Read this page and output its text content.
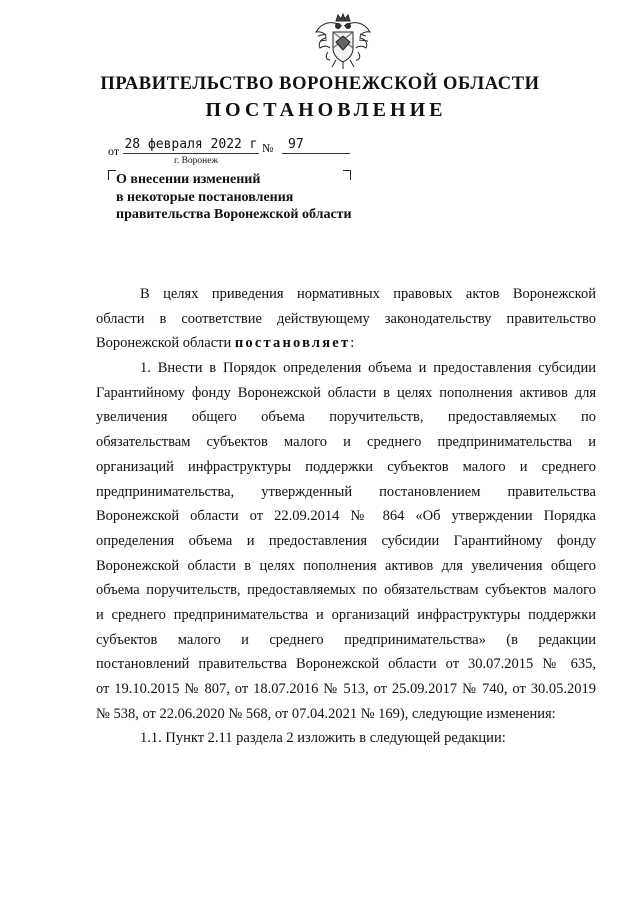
ПРАВИТЕЛЬСТВО ВОРОНЕЖСКОЙ ОБЛАСТИ
ПОСТАНОВЛЕНИЕ
от 28 февраля 2022 г №	97
г. Воронеж
О внесении изменений
в некоторые постановления
правительства Воронежской области
В целях приведения нормативных правовых актов Воронежской
области в соответствие действующему законодательству правительство
Воронежской области постановляет:
1. Внести в Порядок определения объема и предоставления субсидии
Гарантийному фонду Воронежской области в целях пополнения активов для
увеличения общего объема поручительств, предоставляемых по
обязательствам субъектов малого и среднего предпринимательства и
организаций инфраструктуры поддержки субъектов малого и среднего
предпринимательства, утвержденный постановлением правительства
Воронежской области от 22.09.2014 № 864 «Об утверждении Порядка
определения объема и предоставления субсидии Гарантийному фонду
Воронежской области в целях пополнения активов для увеличения общего
объема поручительств, предоставляемых по обязательствам субъектов малого
и среднего предпринимательства и организаций инфраструктуры поддержки
субъектов малого и среднего предпринимательства» (в редакции
постановлений правительства Воронежской области от 30.07.2015 № 635,
от 19.10.2015 № 807, от 18.07.2016 № 513, от 25.09.2017 № 740, от 30.05.2019
№ 538, от 22.06.2020 № 568, от 07.04.2021 № 169), следующие изменения:
1.1. Пункт 2.11 раздела 2 изложить в следующей редакции:
